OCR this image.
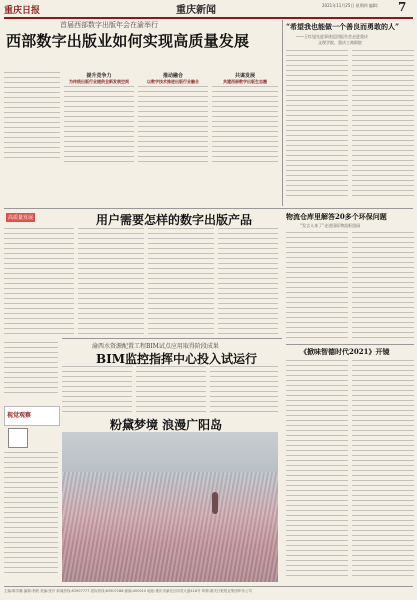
重庆日报	重庆新闻	2021年11月25日 星期四 编辑:	7
首届西部数字出版年会在渝举行
西部数字出版业如何实现高质量发展
提升竞争力
为传统出版行业提供全新发展空间
推动融合
以数字技术推进出版行业融合
共谋发展
共建西部数字出版生态圈
“希望我也能做一个善良而勇敢的人”
——王红旭先进事迹巡回报告会走进重庆
文理学院、重庆工商职院
高质量发展	用户需要怎样的数字出版产品	物流仓库里解答20多个环保问题
“发言人来了”走进国际物流枢纽园
渝西水资源配置工程BIM试点应用取得阶段成果
BIM监控指挥中心投入试运行
《掀味智德时代2021》开镜
视觉观察
粉黛梦境 浪漫广阳岛
主编:陈学鹏 编辑:李跃 美编:张开 新闻热线:63907777 投诉热线:63907188 邮编:400010 地址:重庆市渝北区同茂大道416号 印刷:重庆日报报业集团印务公司
